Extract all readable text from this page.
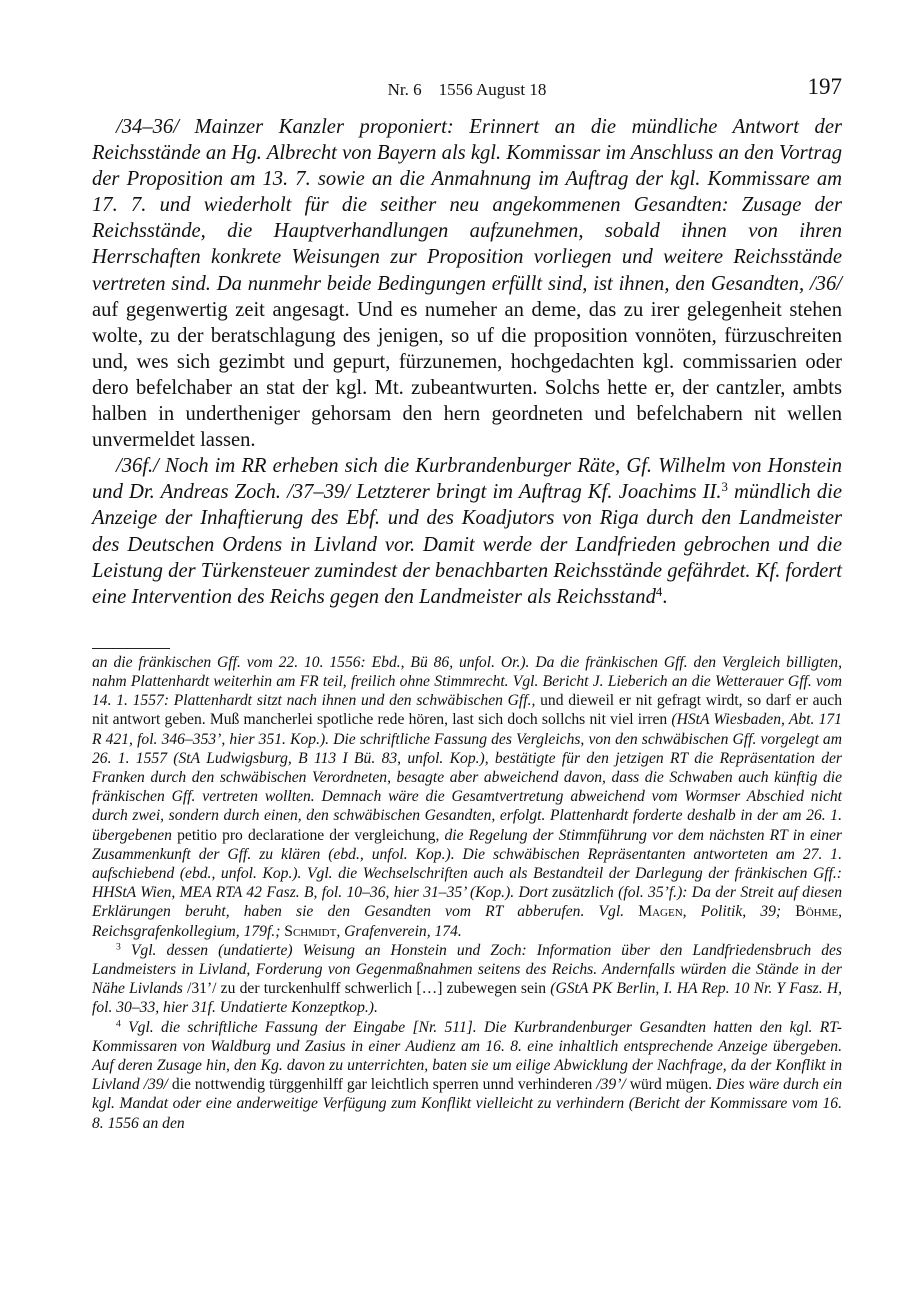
Nr. 6    1556 August 18	197

/34–36/ Mainzer Kanzler proponiert: Erinnert an die mündliche Antwort der Reichsstände an Hg. Albrecht von Bayern als kgl. Kommissar im Anschluss an den Vortrag der Proposition am 13. 7. sowie an die Anmahnung im Auftrag der kgl. Kommissare am 17. 7. und wiederholt für die seither neu angekommenen Gesandten: Zusage der Reichsstände, die Hauptverhandlungen aufzunehmen, sobald ihnen von ihren Herrschaften konkrete Weisungen zur Proposition vorliegen und weitere Reichsstände vertreten sind. Da nunmehr beide Bedingungen erfüllt sind, ist ihnen, den Gesandten, /36/ auf gegenwertig zeit angesagt. Und es numeher an deme, das zu irer gelegenheit stehen wolte, zu der beratschlagung des jenigen, so uf die proposition vonnöten, fürzuschreiten und, wes sich gezimbt und gepurt, fürzunemen, hochgedachten kgl. commissarien oder dero befelchaber an stat der kgl. Mt. zubeantwurten. Solchs hette er, der cantzler, ambts halben in undertheniger gehorsam den hern geordneten und befelchabern nit wellen unvermeldet lassen.

/36f./ Noch im RR erheben sich die Kurbrandenburger Räte, Gf. Wilhelm von Honstein und Dr. Andreas Zoch. /37–39/ Letzterer bringt im Auftrag Kf. Joachims II.$^3$ mündlich die Anzeige der Inhaftierung des Ebf. und des Koadjutors von Riga durch den Landmeister des Deutschen Ordens in Livland vor. Damit werde der Landfrieden gebrochen und die Leistung der Türkensteuer zumindest der benachbarten Reichsstände gefährdet. Kf. fordert eine Intervention des Reichs gegen den Landmeister als Reichsstand$^4$.

an die fränkischen Gff. vom 22. 10. 1556: Ebd., Bü 86, unfol. Or.). Da die fränkischen Gff. den Vergleich billigten, nahm Plattenhardt weiterhin am FR teil, freilich ohne Stimmrecht. Vgl. Bericht J. Lieberich an die Wetterauer Gff. vom 14. 1. 1557: Plattenhardt sitzt nach ihnen und den schwäbischen Gff., und dieweil er nit gefragt wirdt, so darf er auch nit antwort geben. Muß mancherlei spotliche rede hören, last sich doch sollchs nit viel irren (HStA Wiesbaden, Abt. 171 R 421, fol. 346–353’, hier 351. Kop.). Die schriftliche Fassung des Vergleichs, von den schwäbischen Gff. vorgelegt am 26. 1. 1557 (StA Ludwigsburg, B 113 I Bü. 83, unfol. Kop.), bestätigte für den jetzigen RT die Repräsentation der Franken durch den schwäbischen Verordneten, besagte aber abweichend davon, dass die Schwaben auch künftig die fränkischen Gff. vertreten wollten. Demnach wäre die Gesamtvertretung abweichend vom Wormser Abschied nicht durch zwei, sondern durch einen, den schwäbischen Gesandten, erfolgt. Plattenhardt forderte deshalb in der am 26. 1. übergebenen petitio pro declaratione der vergleichung, die Regelung der Stimmführung vor dem nächsten RT in einer Zusammenkunft der Gff. zu klären (ebd., unfol. Kop.). Die schwäbischen Repräsentanten antworteten am 27. 1. aufschiebend (ebd., unfol. Kop.). Vgl. die Wechselschriften auch als Bestandteil der Darlegung der fränkischen Gff.: HHStA Wien, MEA RTA 42 Fasz. B, fol. 10–36, hier 31–35’ (Kop.). Dort zusätzlich (fol. 35’f.): Da der Streit auf diesen Erklärungen beruht, haben sie den Gesandten vom RT abberufen. Vgl. Magen, Politik, 39; Böhme, Reichsgrafenkollegium, 179f.; Schmidt, Grafenverein, 174.

$^3$ Vgl. dessen (undatierte) Weisung an Honstein und Zoch: Information über den Landfriedensbruch des Landmeisters in Livland, Forderung von Gegenmaßnahmen seitens des Reichs. Andernfalls würden die Stände in der Nähe Livlands /31’/ zu der turckenhulff schwerlich […] zubewegen sein (GStA PK Berlin, I. HA Rep. 10 Nr. Y Fasz. H, fol. 30–33, hier 31f. Undatierte Konzeptkop.).

$^4$ Vgl. die schriftliche Fassung der Eingabe [Nr. 511]. Die Kurbrandenburger Gesandten hatten den kgl. RT-Kommissaren von Waldburg und Zasius in einer Audienz am 16. 8. eine inhaltlich entsprechende Anzeige übergeben. Auf deren Zusage hin, den Kg. davon zu unterrichten, baten sie um eilige Abwicklung der Nachfrage, da der Konflikt in Livland /39/ die nottwendig türggenhilff gar leichtlich sperren unnd verhinderen /39’/ würd mügen. Dies wäre durch ein kgl. Mandat oder eine anderweitige Verfügung zum Konflikt vielleicht zu verhindern (Bericht der Kommissare vom 16. 8. 1556 an den
